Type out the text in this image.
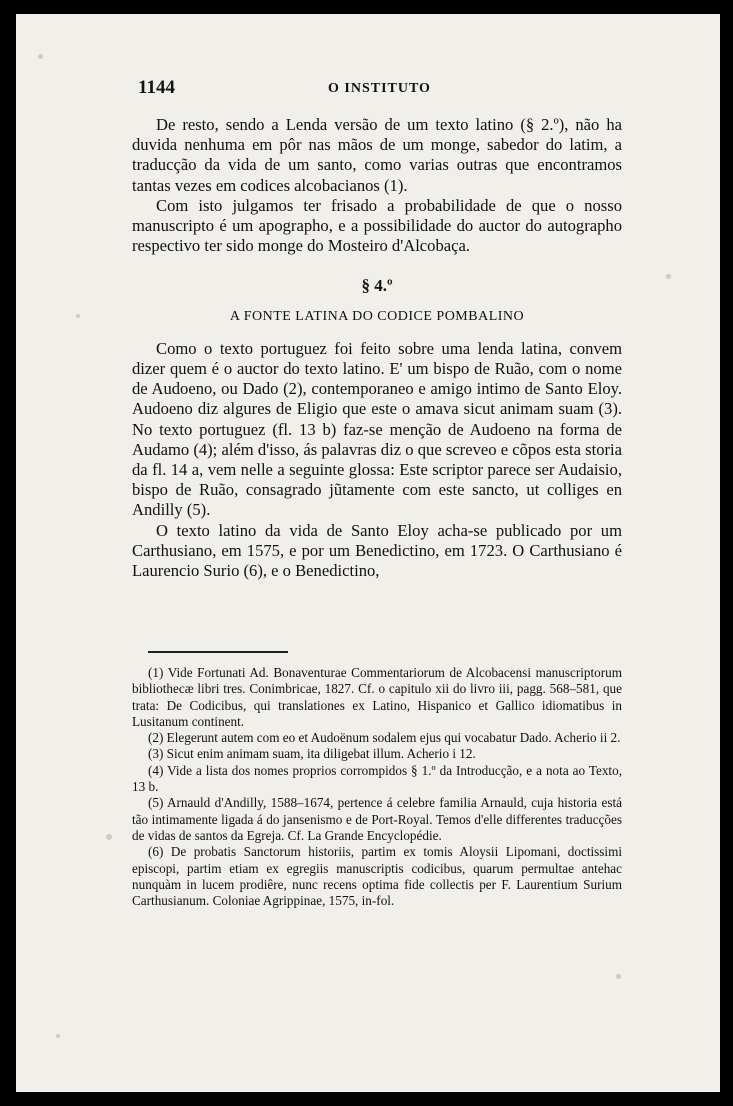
1144	O INSTITUTO

De resto, sendo a Lenda versão de um texto latino (§ 2.º), não ha duvida nenhuma em pôr nas mãos de um monge, sabedor do latim, a traducção da vida de um santo, como varias outras que encontramos tantas vezes em codices alcobacianos (1).

Com isto julgamos ter frisado a probabilidade de que o nosso manuscripto é um apographo, e a possibilidade do auctor do autographo respectivo ter sido monge do Mosteiro d'Alcobaça.

§ 4.º
A FONTE LATINA DO CODICE POMBALINO

Como o texto portuguez foi feito sobre uma lenda latina, convem dizer quem é o auctor do texto latino. E' um bispo de Ruão, com o nome de Audoeno, ou Dado (2), contemporaneo e amigo intimo de Santo Eloy. Audoeno diz algures de Eligio que este o amava sicut animam suam (3). No texto portuguez (fl. 13 b) faz-se menção de Audoeno na forma de Audamo (4); além d'isso, ás palavras diz o que screveo e cõpos esta storia da fl. 14 a, vem nelle a seguinte glossa: Este scriptor parece ser Audaisio, bispo de Ruão, consagrado jũtamente com este sancto, ut colliges en Andilly (5).

O texto latino da vida de Santo Eloy acha-se publicado por um Carthusiano, em 1575, e por um Benedictino, em 1723. O Carthusiano é Laurencio Surio (6), e o Benedictino,

(1) Vide Fortunati Ad. Bonaventurae Commentariorum de Alcobacensi manuscriptorum bibliothecæ libri tres. Conimbricae, 1827. Cf. o capitulo xii do livro iii, pagg. 568–581, que trata: De Codicibus, qui translationes ex Latino, Hispanico et Gallico idiomatibus in Lusitanum continent.

(2) Elegerunt autem com eo et Audoënum sodalem ejus qui vocabatur Dado. Acherio ii 2.

(3) Sicut enim animam suam, ita diligebat illum. Acherio i 12.

(4) Vide a lista dos nomes proprios corrompidos § 1.º da Introducção, e a nota ao Texto, 13 b.

(5) Arnauld d'Andilly, 1588–1674, pertence á celebre familia Arnauld, cuja historia está tão intimamente ligada á do jansenismo e de Port-Royal. Temos d'elle differentes traducções de vidas de santos da Egreja. Cf. La Grande Encyclopédie.

(6) De probatis Sanctorum historiis, partim ex tomis Aloysii Lipomani, doctissimi episcopi, partim etiam ex egregiis manuscriptis codicibus, quarum permultae antehac nunquàm in lucem prodiêre, nunc recens optima fide collectis per F. Laurentium Surium Carthusianum. Coloniae Agrippinae, 1575, in-fol.
